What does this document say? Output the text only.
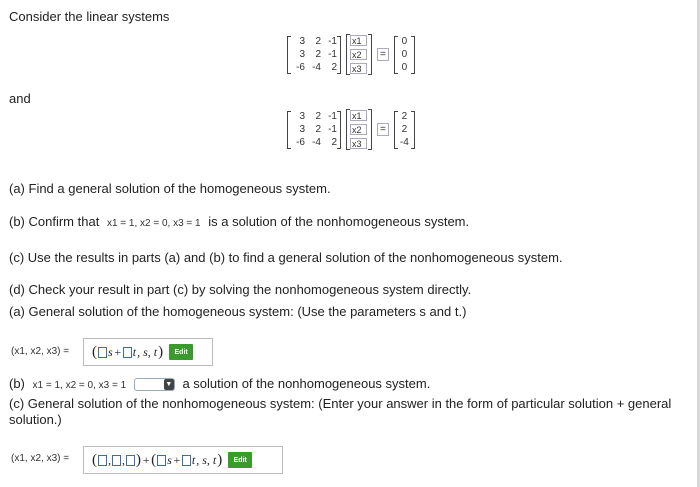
Consider the linear systems
3	2 -1
3	2 -1
-6 -4	2
x1
x2
x3
=
0
0
0
and
3	2 -1
3	2 -1
-6 -4	2
x1
x2
x3
=
2
2
-4
(a) Find a general solution of the homogeneous system.
(b) Confirm that x1 = 1, x2 = 0, x3 = 1 is a solution of the nonhomogeneous system.
(c) Use the results in parts (a) and (b) to find a general solution of the nonhomogeneous system.
(d) Check your result in part (c) by solving the nonhomogeneous system directly.
(a) General solution of the homogeneous system: (Use the parameters s and t.)
(x1, x2, x3) = ( s + t , s, t )	Edit
(b) x1 = 1, x2 = 0, x3 = 1	▼ a solution of the nonhomogeneous system.
(c) General solution of the nonhomogeneous system: (Enter your answer in the form of particular solution + general solution.)
(x1, x2, x3) = ( , , ) + ( s + t , s, t )	Edit
